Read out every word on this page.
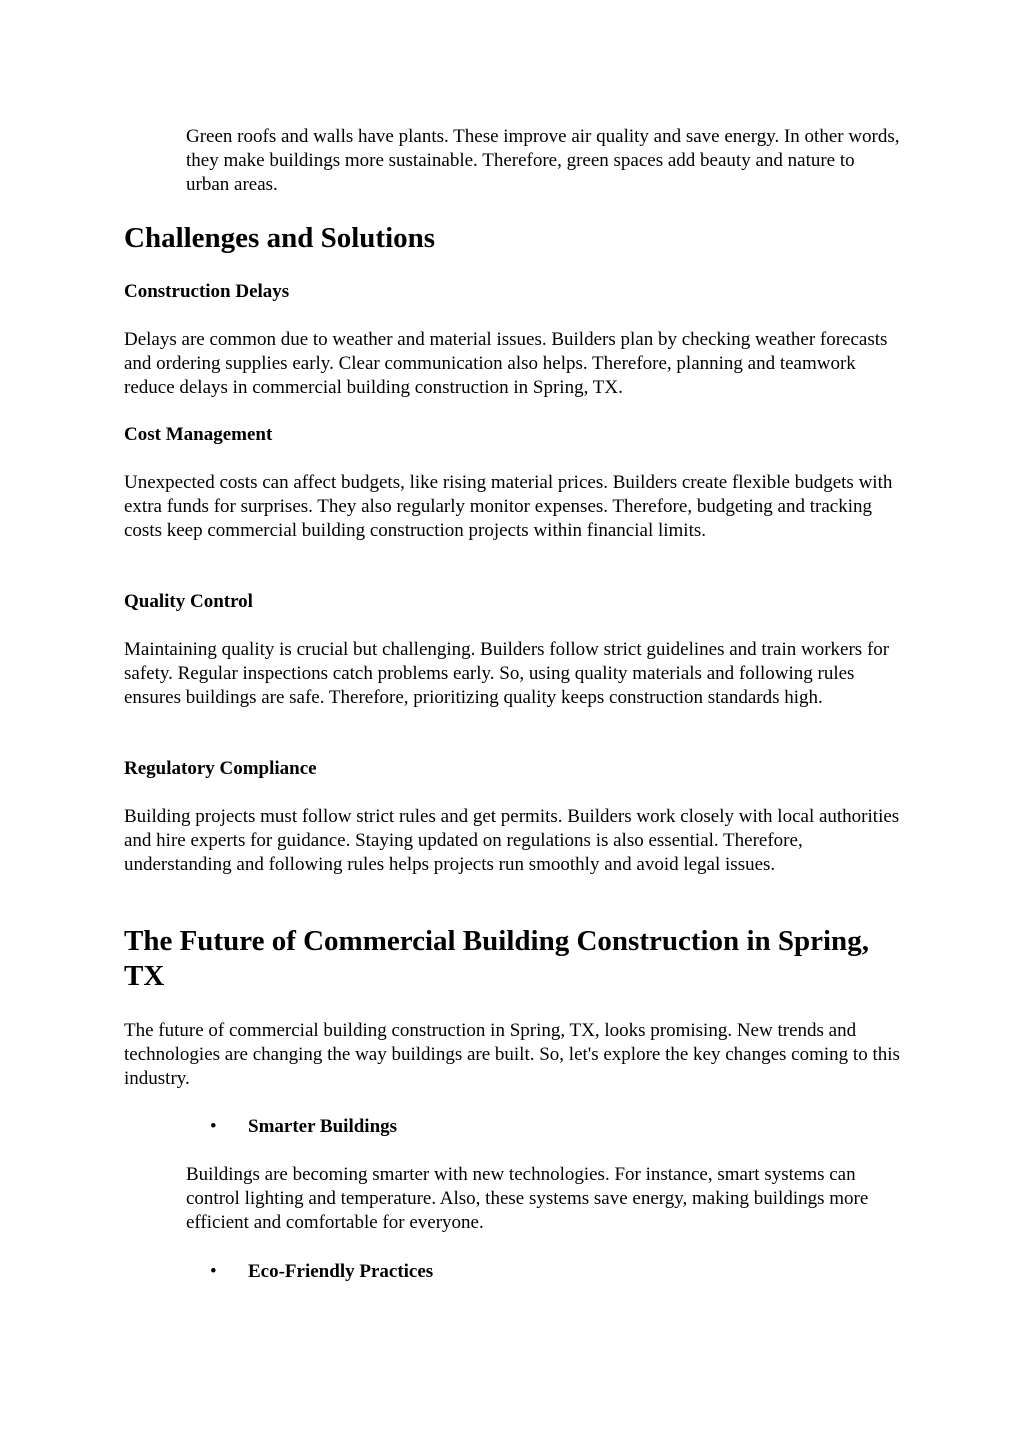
Green roofs and walls have plants. These improve air quality and save energy. In other words, they make buildings more sustainable. Therefore, green spaces add beauty and nature to urban areas.

Challenges and Solutions
Construction Delays

Delays are common due to weather and material issues. Builders plan by checking weather forecasts and ordering supplies early. Clear communication also helps. Therefore, planning and teamwork reduce delays in commercial building construction in Spring, TX.

Cost Management

Unexpected costs can affect budgets, like rising material prices. Builders create flexible budgets with extra funds for surprises. They also regularly monitor expenses. Therefore, budgeting and tracking costs keep commercial building construction projects within financial limits.

Quality Control

Maintaining quality is crucial but challenging. Builders follow strict guidelines and train workers for safety. Regular inspections catch problems early. So, using quality materials and following rules ensures buildings are safe. Therefore, prioritizing quality keeps construction standards high.

Regulatory Compliance

Building projects must follow strict rules and get permits. Builders work closely with local authorities and hire experts for guidance. Staying updated on regulations is also essential. Therefore, understanding and following rules helps projects run smoothly and avoid legal issues.

The Future of Commercial Building Construction in Spring, TX

The future of commercial building construction in Spring, TX, looks promising. New trends and technologies are changing the way buildings are built. So, let's explore the key changes coming to this industry.

•	Smarter Buildings

Buildings are becoming smarter with new technologies. For instance, smart systems can control lighting and temperature. Also, these systems save energy, making buildings more efficient and comfortable for everyone.

•	Eco-Friendly Practices
